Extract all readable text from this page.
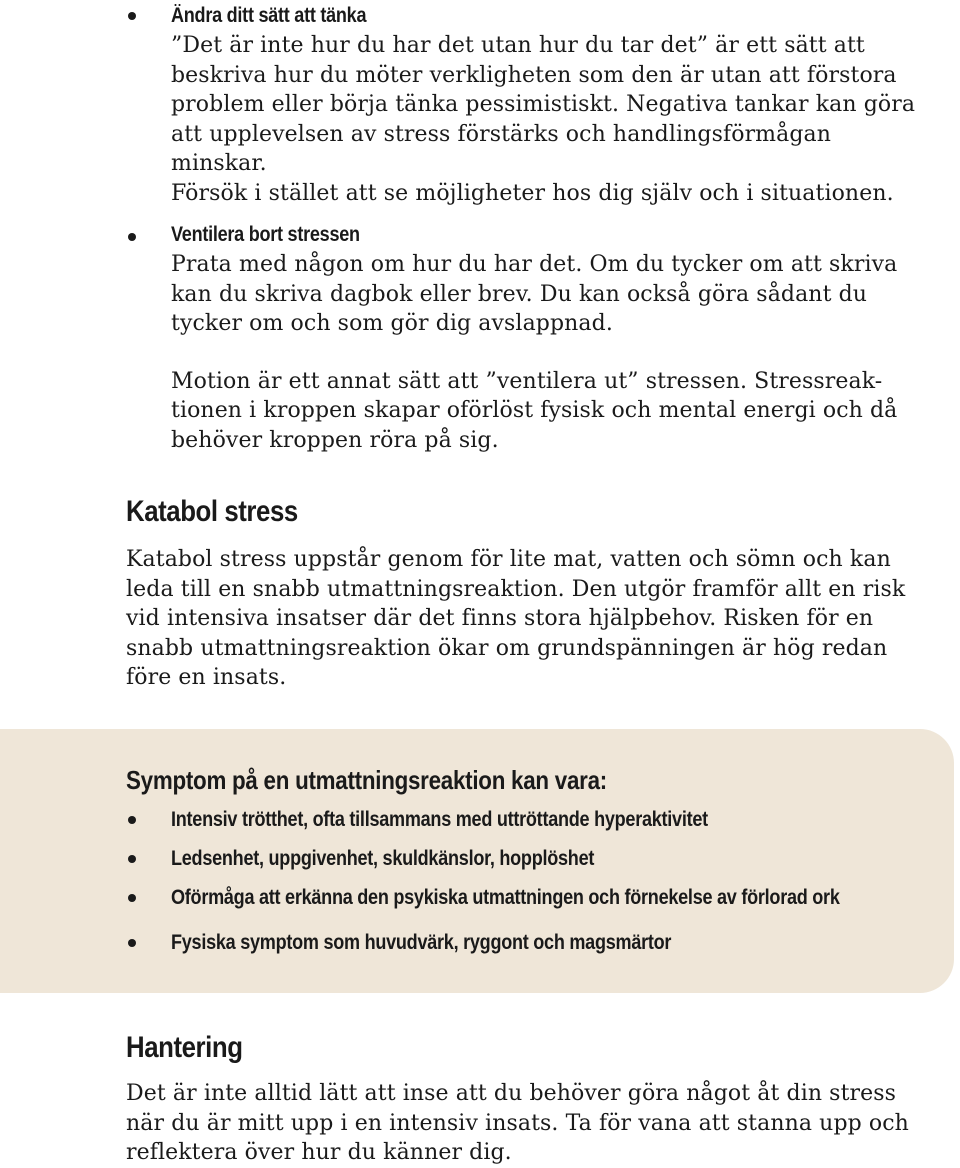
Ändra ditt sätt att tänka

”Det är inte hur du har det utan hur du tar det” är ett sätt att
beskriva hur du möter verkligheten som den är utan att förstora
problem eller börja tänka pessimistiskt. Negativa tankar kan göra
att upplevelsen av stress förstärks och handlingsförmågan minskar.
Försök i stället att se möjligheter hos dig själv och i situationen.

Ventilera bort stressen

Prata med någon om hur du har det. Om du tycker om att skriva
kan du skriva dagbok eller brev. Du kan också göra sådant du
tycker om och som gör dig avslappnad.

Motion är ett annat sätt att ”ventilera ut” stressen. Stressreak-
tionen i kroppen skapar oförlöst fysisk och mental energi och då
behöver kroppen röra på sig.

Katabol stress

Katabol stress uppstår genom för lite mat, vatten och sömn och kan
leda till en snabb utmattningsreaktion. Den utgör framför allt en risk
vid intensiva insatser där det finns stora hjälpbehov. Risken för en
snabb utmattningsreaktion ökar om grundspänningen är hög redan
före en insats.

Symptom på en utmattningsreaktion kan vara:
Intensiv trötthet, ofta tillsammans med uttröttande hyperaktivitet
Ledsenhet, uppgivenhet, skuldkänslor, hopplöshet
Oförmåga att erkänna den psykiska utmattningen och förnekelse av förlorad ork
Fysiska symptom som huvudvärk, ryggont och magsmärtor
Hantering

Det är inte alltid lätt att inse att du behöver göra något åt din stress
när du är mitt upp i en intensiv insats. Ta för vana att stanna upp och
reflektera över hur du känner dig.
